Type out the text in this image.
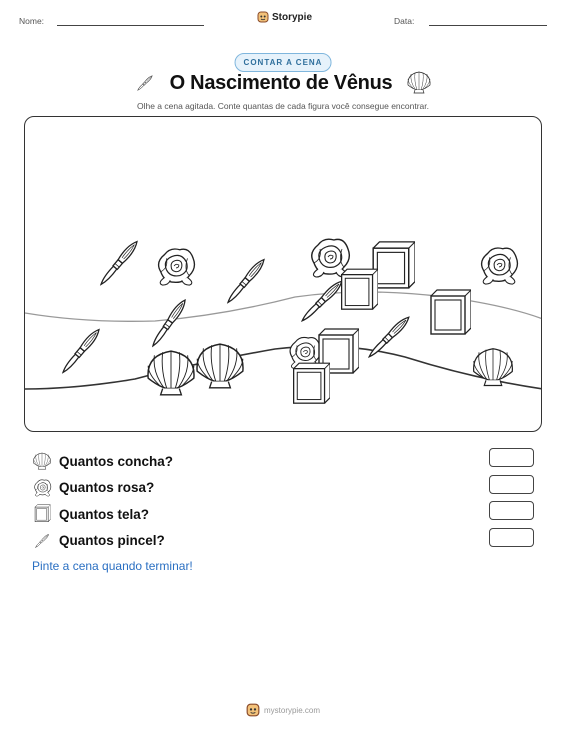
Nome:	Storypie	Data:
CONTAR A CENA
O Nascimento de Vênus
Olhe a cena agitada. Conte quantas de cada figura você consegue encontrar.
Quantos concha?
Quantos rosa?
Quantos tela?
Quantos pincel?
Pinte a cena quando terminar!
mystorypie.com
